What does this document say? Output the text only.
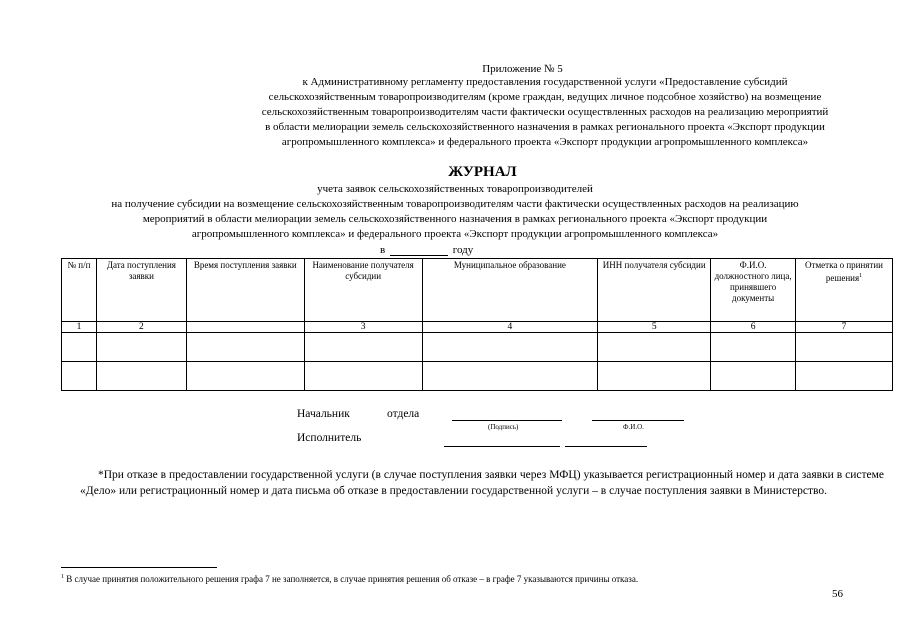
Приложение № 5
к Административному регламенту предоставления государственной услуги «Предоставление субсидий
сельскохозяйственным товаропроизводителям (кроме граждан, ведущих личное подсобное хозяйство) на возмещение
сельскохозяйственным товаропроизводителям части фактически осуществленных расходов на реализацию мероприятий
в области мелиорации земель сельскохозяйственного назначения в рамках регионального проекта «Экспорт продукции
агропромышленного комплекса» и федерального проекта «Экспорт продукции агропромышленного комплекса»
ЖУРНАЛ
учета заявок сельскохозяйственных товаропроизводителей
на получение субсидии на возмещение сельскохозяйственным товаропроизводителям части фактически осуществленных расходов на реализацию
мероприятий в области мелиорации земель сельскохозяйственного назначения в рамках регионального проекта «Экспорт продукции
агропромышленного комплекса» и федерального проекта «Экспорт продукции агропромышленного комплекса»
в	году
№ п/п	Дата поступления заявки	Время поступления заявки	Наименование получателя субсидии	Муниципальное образование	ИНН получателя субсидии	Ф.И.О. должностного лица, принявшего документы	Отметка о принятии решения$^1$
1	2		3	4	5	6	7

Начальник	отдела
(Подпись)	Ф.И.О.
Исполнитель
*При отказе в предоставлении государственной услуги (в случае поступления заявки через МФЦ) указывается регистрационный номер и дата заявки в системе «Дело» или регистрационный номер и дата письма об отказе в предоставлении государственной услуги – в случае поступления заявки в Министерство.
$^1$ В случае принятия положительного решения графа 7 не заполняется, в случае принятия решения об отказе – в графе 7 указываются причины отказа.
56
